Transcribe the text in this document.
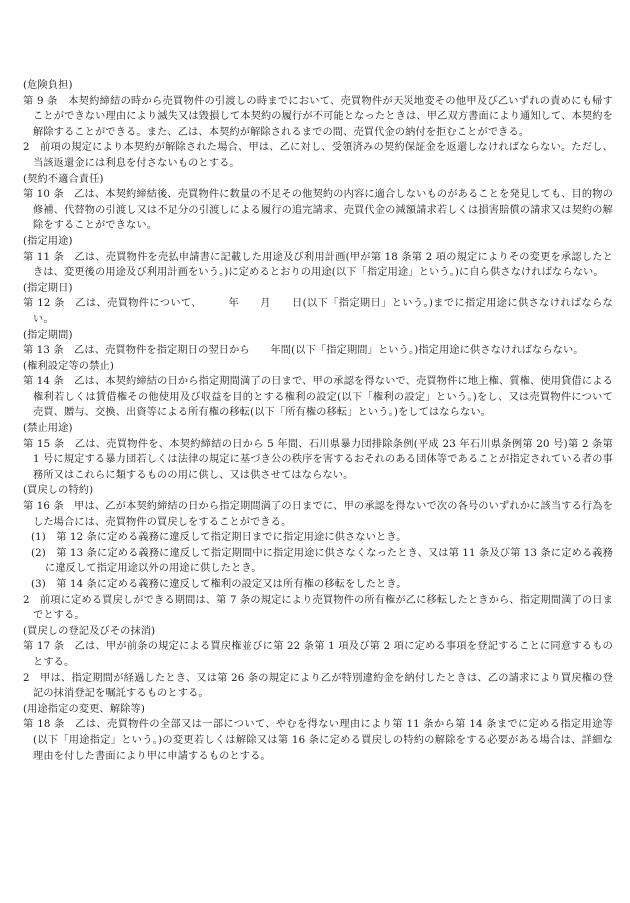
(危険負担)

第 9 条　本契約締結の時から売買物件の引渡しの時までにおいて、売買物件が天災地変その他甲及び乙いずれの責めにも帰すことができない理由により滅失又は毀損して本契約の履行が不可能となったときは、甲乙双方書面により通知して、本契約を解除することができる。また、乙は、本契約が解除されるまでの間、売買代金の納付を拒むことができる。

2　前項の規定により本契約が解除された場合、甲は、乙に対し、受領済みの契約保証金を返還しなければならない。ただし、当該返還金には利息を付さないものとする。

(契約不適合責任)

第 10 条　乙は、本契約締結後、売買物件に数量の不足その他契約の内容に適合しないものがあることを発見しても、目的物の修補、代替物の引渡し又は不足分の引渡しによる履行の追完請求、売買代金の減額請求若しくは損害賠償の請求又は契約の解除をすることができない。

(指定用途)

第 11 条　乙は、売買物件を売払申請書に記載した用途及び利用計画(甲が第 18 条第 2 項の規定によりその変更を承認したときは、変更後の用途及び利用計画をいう。)に定めるとおりの用途(以下「指定用途」という。)に自ら供さなければならない。

(指定期日)

第 12 条　乙は、売買物件について、　　　年　　月　　日(以下「指定期日」という。)までに指定用途に供さなければならない。

(指定期間)

第 13 条　乙は、売買物件を指定期日の翌日から　　年間(以下「指定期間」という。)指定用途に供さなければならない。

(権利設定等の禁止)

第 14 条　乙は、本契約締結の日から指定期間満了の日まで、甲の承認を得ないで、売買物件に地上権、質権、使用貸借による権利若しくは賃借権その他使用及び収益を目的とする権利の設定(以下「権利の設定」という。)をし、又は売買物件について売買、贈与、交換、出資等による所有権の移転(以下「所有権の移転」という。)をしてはならない。

(禁止用途)

第 15 条　乙は、売買物件を、本契約締結の日から 5 年間、石川県暴力団排除条例(平成 23 年石川県条例第 20 号)第 2 条第 1 号に規定する暴力団若しくは法律の規定に基づき公の秩序を害するおそれのある団体等であることが指定されている者の事務所又はこれらに類するものの用に供し、又は供させてはならない。

(買戻しの特約)

第 16 条　甲は、乙が本契約締結の日から指定期間満了の日までに、甲の承認を得ないで次の各号のいずれかに該当する行為をした場合には、売買物件の買戻しをすることができる。

(1)　第 12 条に定める義務に違反して指定期日までに指定用途に供さないとき。

(2)　第 13 条に定める義務に違反して指定期間中に指定用途に供さなくなったとき、又は第 11 条及び第 13 条に定める義務に違反して指定用途以外の用途に供したとき。

(3)　第 14 条に定める義務に違反して権利の設定又は所有権の移転をしたとき。

2　前項に定める買戻しができる期間は、第 7 条の規定により売買物件の所有権が乙に移転したときから、指定期間満了の日までとする。

(買戻しの登記及びその抹消)

第 17 条　乙は、甲が前条の規定による買戻権並びに第 22 条第 1 項及び第 2 項に定める事項を登記することに同意するものとする。

2　甲は、指定期間が経過したとき、又は第 26 条の規定により乙が特別違約金を納付したときは、乙の請求により買戻権の登記の抹消登記を嘱託するものとする。

(用途指定の変更、解除等)

第 18 条　乙は、売買物件の全部又は一部について、やむを得ない理由により第 11 条から第 14 条までに定める指定用途等(以下「用途指定」という。)の変更若しくは解除又は第 16 条に定める買戻しの特約の解除をする必要がある場合は、詳細な理由を付した書面により甲に申請するものとする。
